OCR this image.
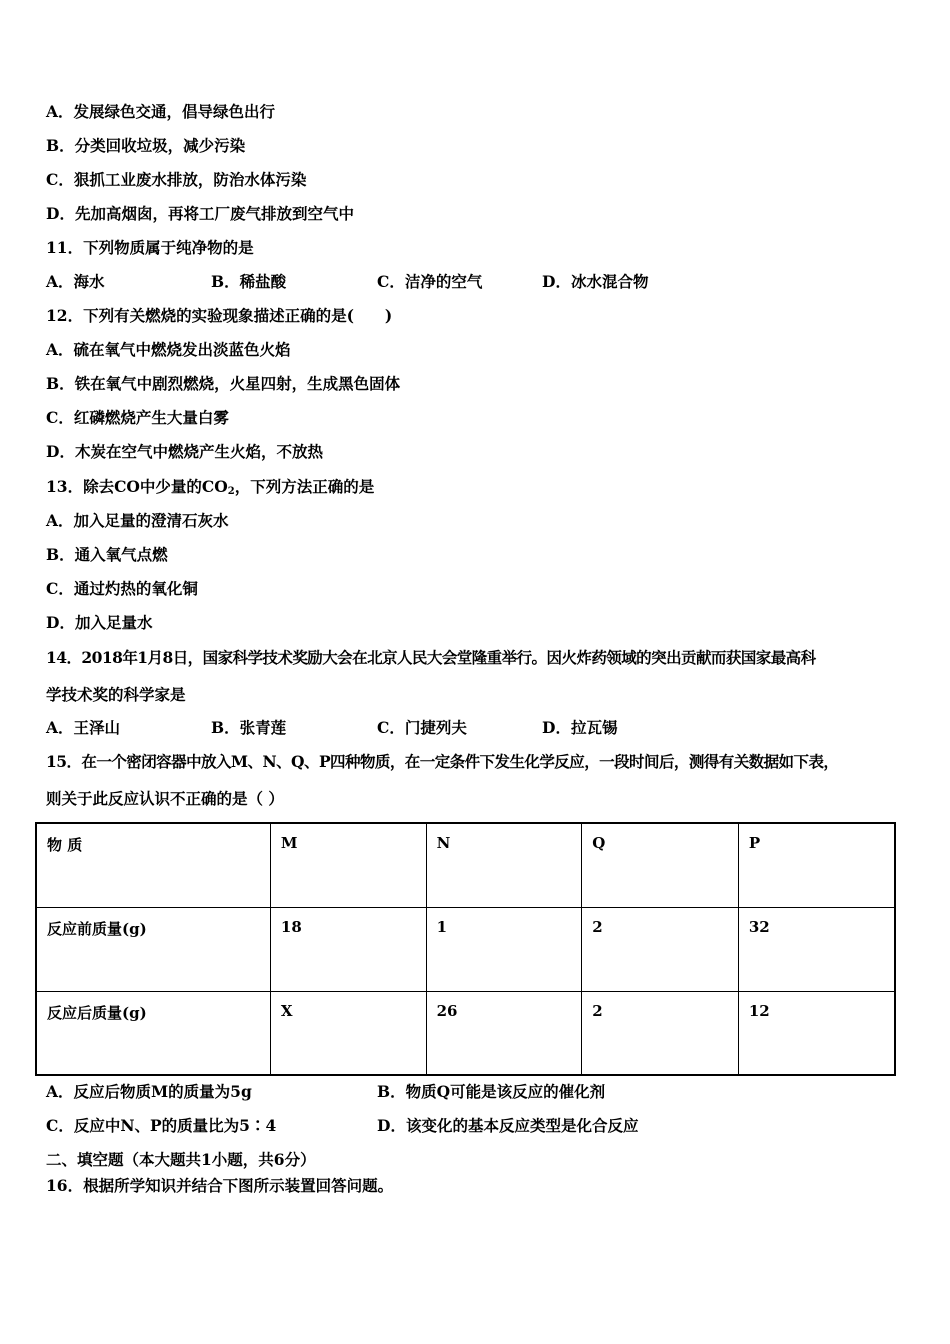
A．发展绿色交通，倡导绿色出行
B．分类回收垃圾，减少污染
C．狠抓工业废水排放，防治水体污染
D．先加高烟囱，再将工厂废气排放到空气中
11．下列物质属于纯净物的是
A．海水	B．稀盐酸	C．洁净的空气	D．冰水混合物
12．下列有关燃烧的实验现象描述正确的是(　　)
A．硫在氧气中燃烧发出淡蓝色火焰
B．铁在氧气中剧烈燃烧，火星四射，生成黑色固体
C．红磷燃烧产生大量白雾
D．木炭在空气中燃烧产生火焰，不放热
13．除去CO中少量的$CO_2$，下列方法正确的是
A．加入足量的澄清石灰水
B．通入氧气点燃
C．通过灼热的氧化铜
D．加入足量水
14．2018年1月8日，国家科学技术奖励大会在北京人民大会堂隆重举行。因火炸药领域的突出贡献而获国家最高科
学技术奖的科学家是
A．王泽山	B．张青莲	C．门捷列夫	D．拉瓦锡
15．在一个密闭容器中放入M、N、Q、P四种物质，在一定条件下发生化学反应，一段时间后，测得有关数据如下表，
则关于此反应认识不正确的是（ ）
物 质	M	N	Q	P
反应前质量(g)	18	1	2	32
反应后质量(g)	X	26	2	12
A．反应后物质M的质量为5g	B．物质Q可能是该反应的催化剂
C．反应中N、P的质量比为5∶4	D．该变化的基本反应类型是化合反应
二、填空题（本大题共1小题，共6分）
16．根据所学知识并结合下图所示装置回答问题。
